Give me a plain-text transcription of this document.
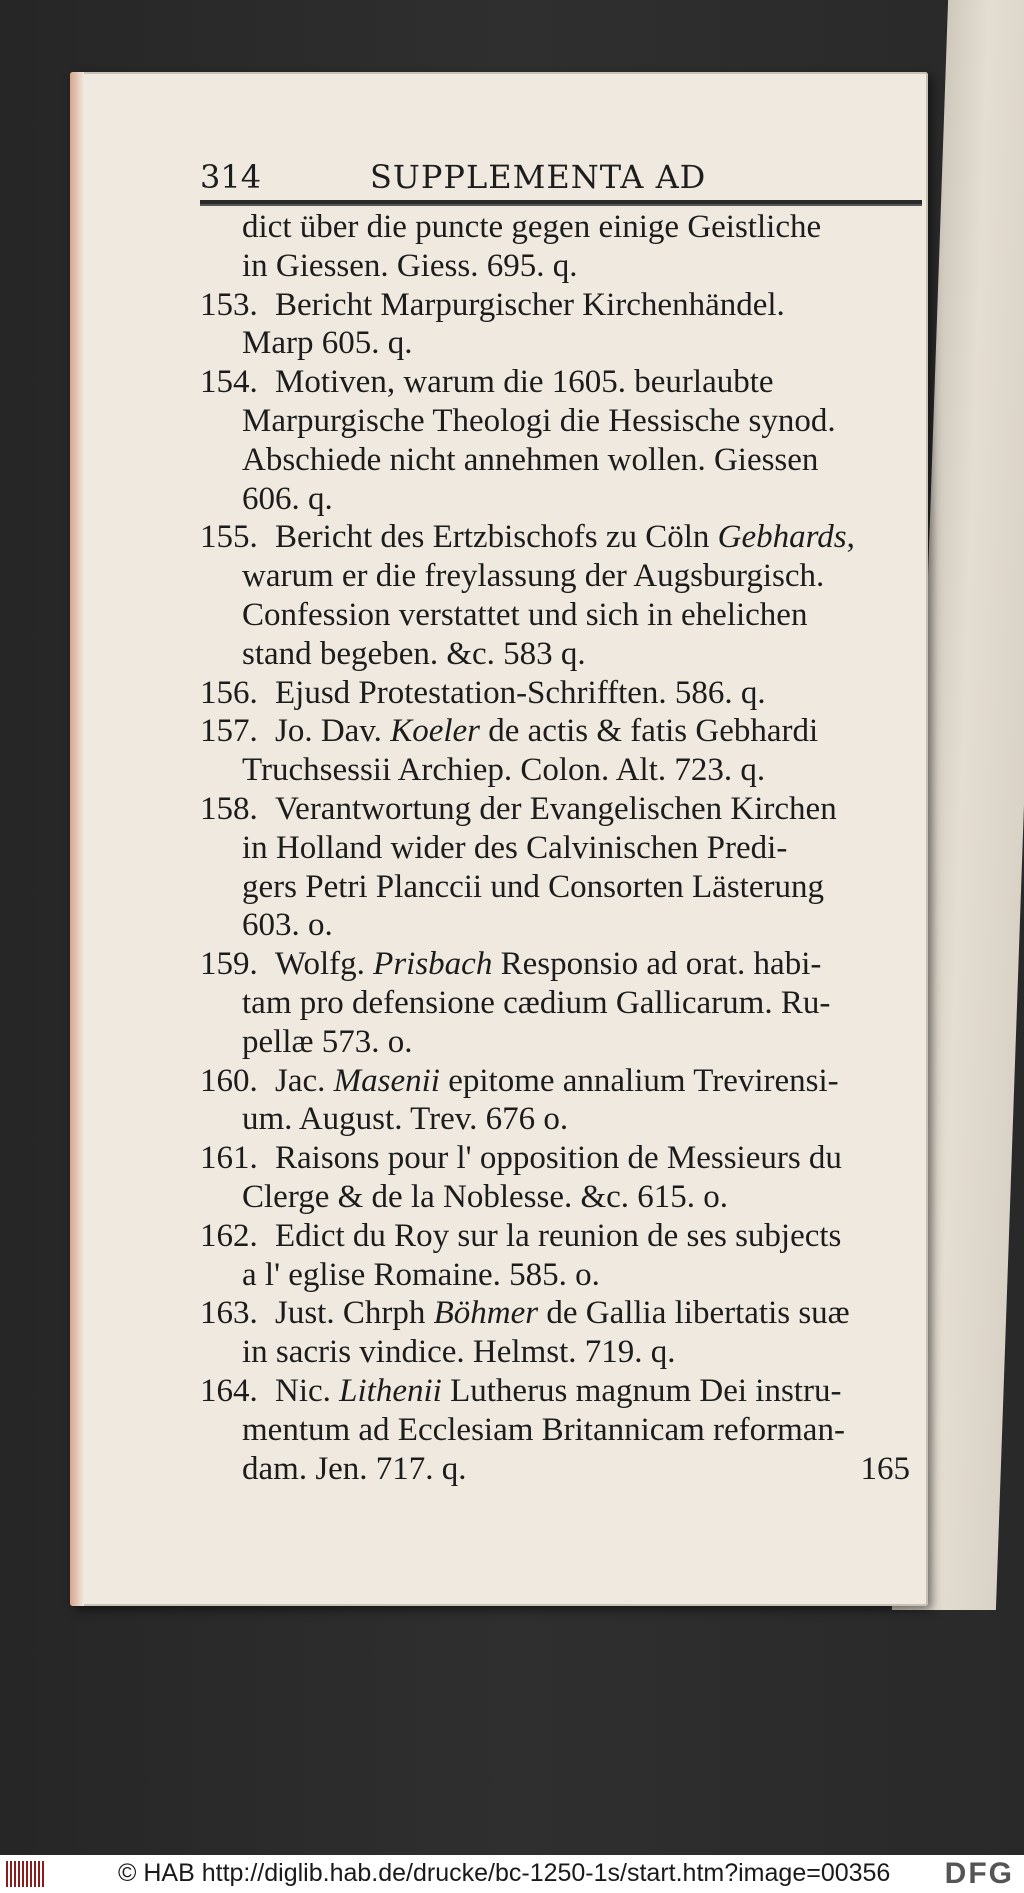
314	SUPPLEMENTA AD
dict über die puncte gegen einige Geistliche
in Giessen. Giess. 695. q.
153. Bericht Marpurgischer Kirchenhändel.
Marp 605. q.
154. Motiven, warum die 1605. beurlaubte
Marpurgische Theologi die Hessische synod.
Abschiede nicht annehmen wollen. Giessen
606. q.
155. Bericht des Ertzbischofs zu Cöln Gebhards,
warum er die freylassung der Augsburgisch.
Confession verstattet und sich in ehelichen
stand begeben. &c. 583 q.
156. Ejusd Protestation-Schrifften. 586. q.
157. Jo. Dav. Koeler de actis & fatis Gebhardi
Truchsessii Archiep. Colon. Alt. 723. q.
158. Verantwortung der Evangelischen Kirchen
in Holland wider des Calvinischen Predi-
gers Petri Planccii und Consorten Lästerung
603. o.
159. Wolfg. Prisbach Responsio ad orat. habi-
tam pro defensione cædium Gallicarum. Ru-
pellæ 573. o.
160. Jac. Masenii epitome annalium Trevirensi-
um. August. Trev. 676 o.
161. Raisons pour l' opposition de Messieurs du
Clerge & de la Noblesse. &c. 615. o.
162. Edict du Roy sur la reunion de ses subjects
a l' eglise Romaine. 585. o.
163. Just. Chrph Böhmer de Gallia libertatis suæ
in sacris vindice. Helmst. 719. q.
164. Nic. Lithenii Lutherus magnum Dei instru-
mentum ad Ecclesiam Britannicam reforman-
dam. Jen. 717. q.	165
© HAB http://diglib.hab.de/drucke/bc-1250-1s/start.htm?image=00356 DFG
